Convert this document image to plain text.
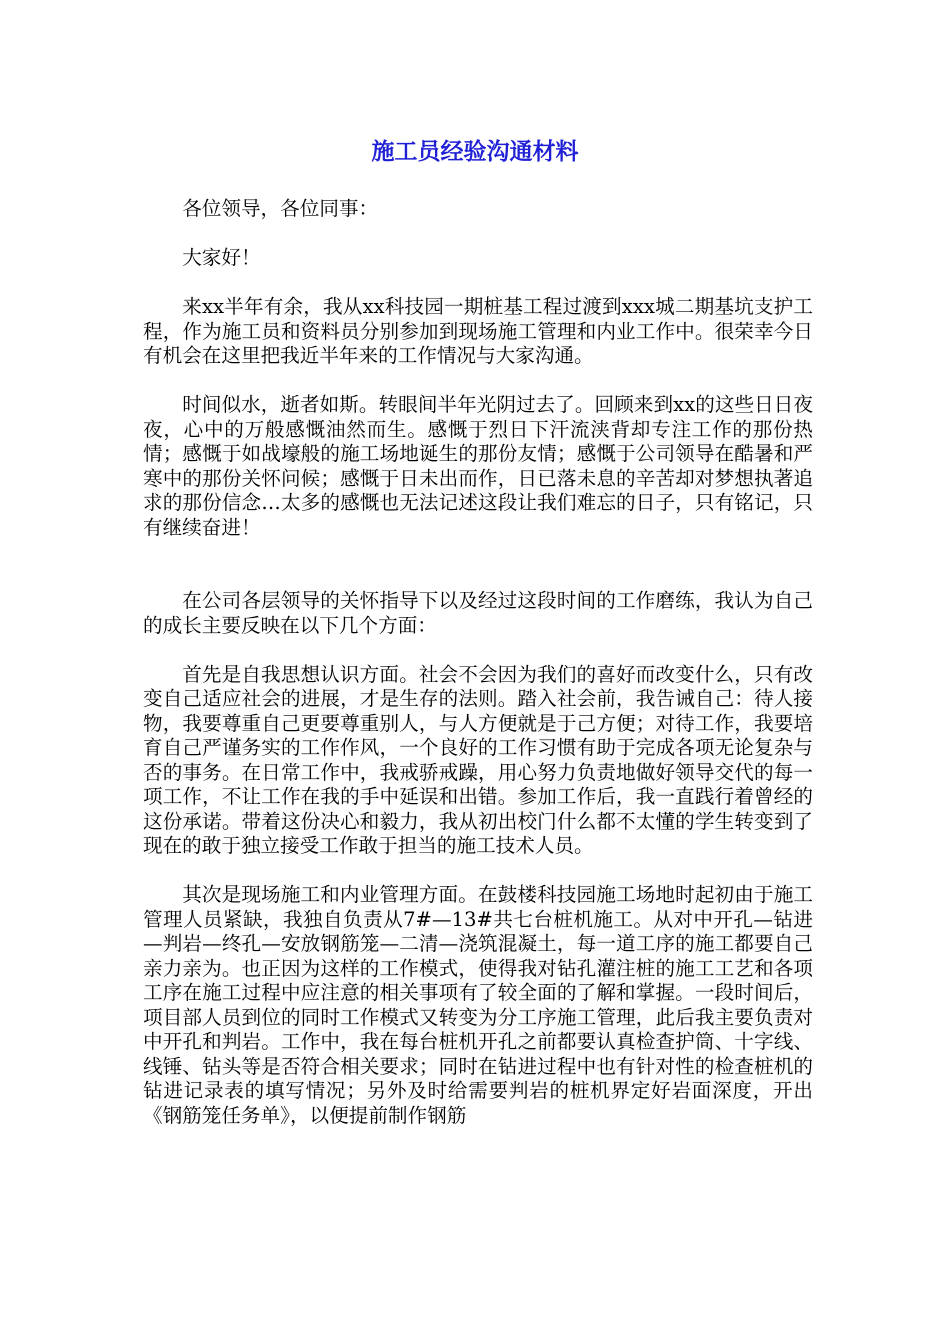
施工员经验沟通材料

各位领导，各位同事：

大家好！

来xx半年有余，我从xx科技园一期桩基工程过渡到xxx城二期基坑支护工程，作为施工员和资料员分别参加到现场施工管理和内业工作中。很荣幸今日有机会在这里把我近半年来的工作情况与大家沟通。

时间似水，逝者如斯。转眼间半年光阴过去了。回顾来到xx的这些日日夜夜，心中的万般感慨油然而生。感慨于烈日下汗流浃背却专注工作的那份热情；感慨于如战壕般的施工场地诞生的那份友情；感慨于公司领导在酷暑和严寒中的那份关怀问候；感慨于日未出而作，日已落未息的辛苦却对梦想执著追求的那份信念…太多的感慨也无法记述这段让我们难忘的日子，只有铭记，只有继续奋进！

在公司各层领导的关怀指导下以及经过这段时间的工作磨练，我认为自己的成长主要反映在以下几个方面：

首先是自我思想认识方面。社会不会因为我们的喜好而改变什么，只有改变自己适应社会的进展，才是生存的法则。踏入社会前，我告诫自己：待人接物，我要尊重自己更要尊重别人，与人方便就是于己方便；对待工作，我要培育自己严谨务实的工作作风，一个良好的工作习惯有助于完成各项无论复杂与否的事务。在日常工作中，我戒骄戒躁，用心努力负责地做好领导交代的每一项工作，不让工作在我的手中延误和出错。参加工作后，我一直践行着曾经的这份承诺。带着这份决心和毅力，我从初出校门什么都不太懂的学生转变到了现在的敢于独立接受工作敢于担当的施工技术人员。

其次是现场施工和内业管理方面。在鼓楼科技园施工场地时起初由于施工管理人员紧缺，我独自负责从7#—13#共七台桩机施工。从对中开孔—钻进—判岩—终孔—安放钢筋笼—二清—浇筑混凝土，每一道工序的施工都要自己亲力亲为。也正因为这样的工作模式，使得我对钻孔灌注桩的施工工艺和各项工序在施工过程中应注意的相关事项有了较全面的了解和掌握。一段时间后，项目部人员到位的同时工作模式又转变为分工序施工管理，此后我主要负责对中开孔和判岩。工作中，我在每台桩机开孔之前都要认真检查护筒、十字线、线锤、钻头等是否符合相关要求；同时在钻进过程中也有针对性的检查桩机的钻进记录表的填写情况；另外及时给需要判岩的桩机界定好岩面深度，开出《钢筋笼任务单》，以便提前制作钢筋
